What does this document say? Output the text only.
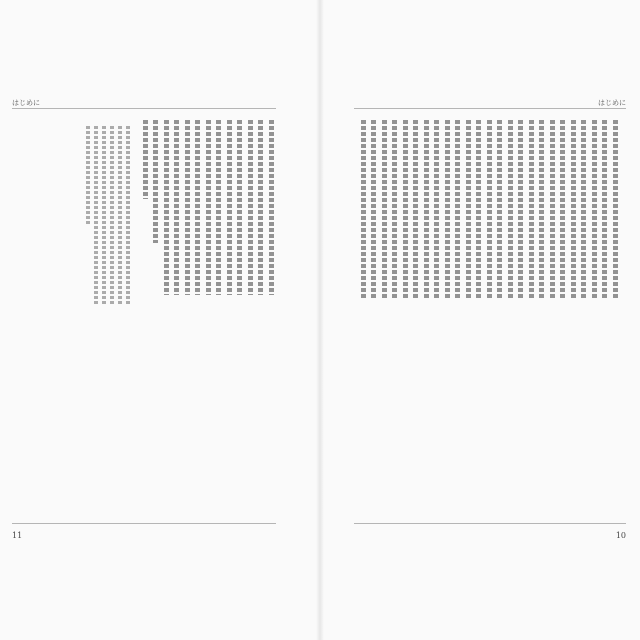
はじめに
11
はじめに
10
